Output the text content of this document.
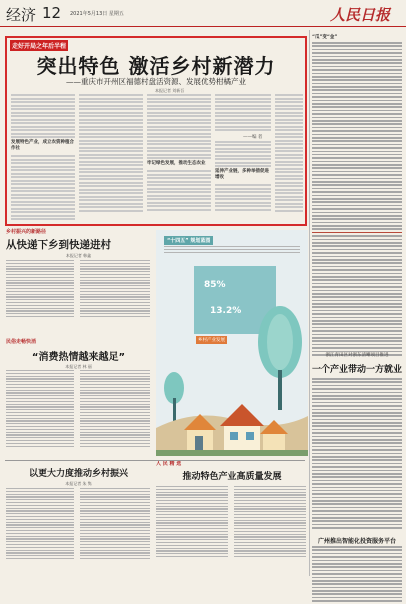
经济 12 2021年5月13日 星期五	人民日报
走好开局之年后半程
突出特色 激活乡村新潜力
——重庆市开州区福德村盘活资源、发展优势柑橘产业
本报记者 刘新吾
发展特色产业，成立农资种植合作社
牢记绿色发展，推动生态农业
——编 者
延伸产业链，多种举措促进增收
“瓜”变“金”
浙江青田区对浙东清晰项目推进
一个产业带动一方就业
广州推出智能化投资服务平台
乡村振兴的新路径
从快递下乡到快递进村
本报记者 韩鑫
民俗走畅快消
“消费热情越来越足”
本报记者 林 丽
“十四五” 规划蓝图
85%
13.2%
乡村产业发展
以更大力度推动乡村振兴
本报记者 朱 隽
人 民 精 选
推动特色产业高质量发展
